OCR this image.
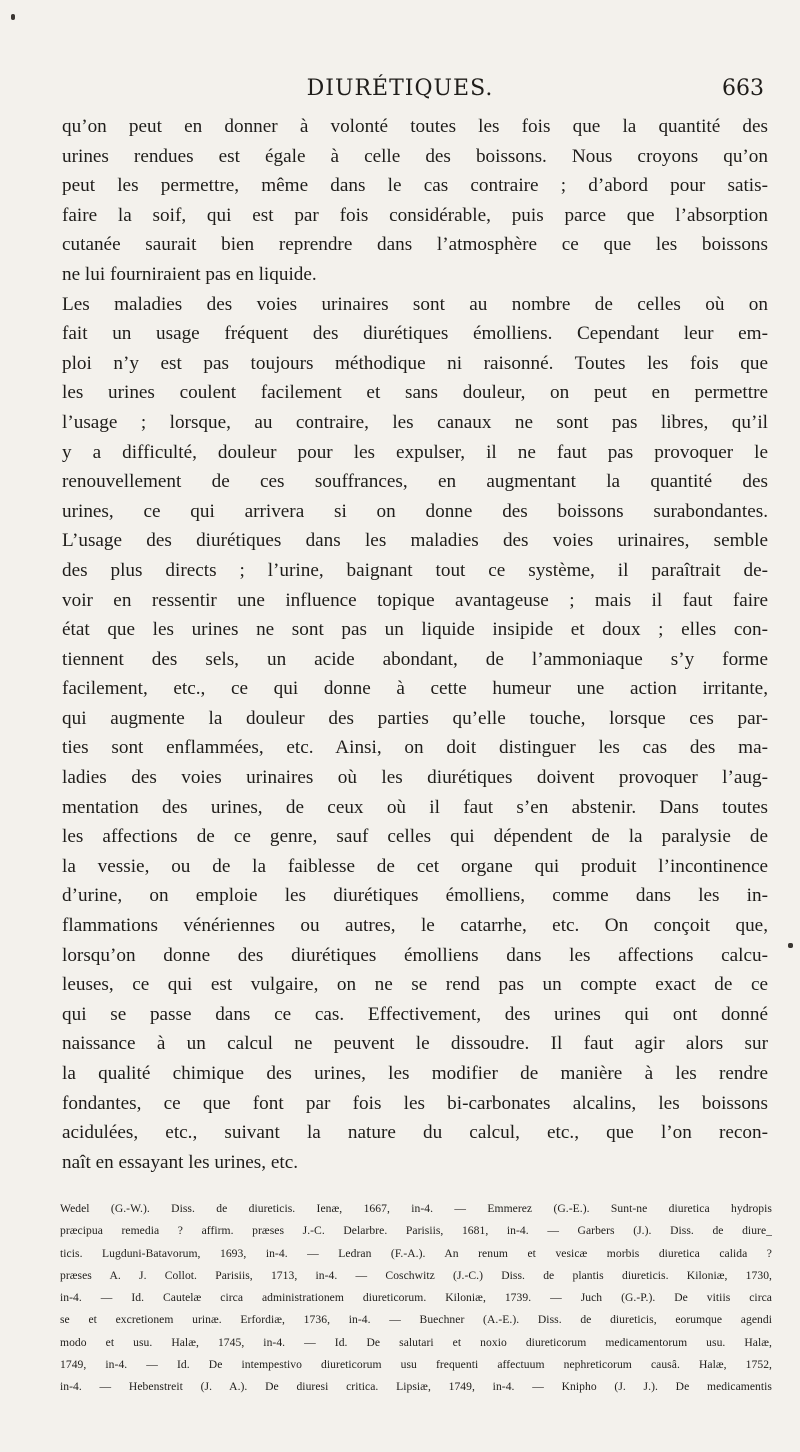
DIURÉTIQUES.	663

qu’on peut en donner à volonté toutes les fois que la quantité des
urines rendues est égale à celle des boissons. Nous croyons qu’on
peut les permettre, même dans le cas contraire ; d’abord pour satis-
faire la soif, qui est par fois considérable, puis parce que l’absorption
cutanée saurait bien reprendre dans l’atmosphère ce que les boissons
ne lui fourniraient pas en liquide.

Les maladies des voies urinaires sont au nombre de celles où on
fait un usage fréquent des diurétiques émolliens. Cependant leur em-
ploi n’y est pas toujours méthodique ni raisonné. Toutes les fois que
les urines coulent facilement et sans douleur, on peut en permettre
l’usage ; lorsque, au contraire, les canaux ne sont pas libres, qu’il
y a difficulté, douleur pour les expulser, il ne faut pas provoquer le
renouvellement de ces souffrances, en augmentant la quantité des
urines, ce qui arrivera si on donne des boissons surabondantes.
L’usage des diurétiques dans les maladies des voies urinaires, semble
des plus directs ; l’urine, baignant tout ce système, il paraîtrait de-
voir en ressentir une influence topique avantageuse ; mais il faut faire
état que les urines ne sont pas un liquide insipide et doux ; elles con-
tiennent des sels, un acide abondant, de l’ammoniaque s’y forme
facilement, etc., ce qui donne à cette humeur une action irritante,
qui augmente la douleur des parties qu’elle touche, lorsque ces par-
ties sont enflammées, etc. Ainsi, on doit distinguer les cas des ma-
ladies des voies urinaires où les diurétiques doivent provoquer l’aug-
mentation des urines, de ceux où il faut s’en abstenir. Dans toutes
les affections de ce genre, sauf celles qui dépendent de la paralysie de
la vessie, ou de la faiblesse de cet organe qui produit l’incontinence
d’urine, on emploie les diurétiques émolliens, comme dans les in-
flammations vénériennes ou autres, le catarrhe, etc. On conçoit que,
lorsqu’on donne des diurétiques émolliens dans les affections calcu-
leuses, ce qui est vulgaire, on ne se rend pas un compte exact de ce
qui se passe dans ce cas. Effectivement, des urines qui ont donné
naissance à un calcul ne peuvent le dissoudre. Il faut agir alors sur
la qualité chimique des urines, les modifier de manière à les rendre
fondantes, ce que font par fois les bi-carbonates alcalins, les boissons
acidulées, etc., suivant la nature du calcul, etc., que l’on recon-
naît en essayant les urines, etc.

Wedel (G.-W.). Diss. de diureticis. Ienæ, 1667, in-4. — Emmerez (G.-E.). Sunt-ne diuretica hydropis
præcipua remedia ? affirm. præses J.-C. Delarbre. Parisiis, 1681, in-4. — Garbers (J.). Diss. de diure_
ticis. Lugduni-Batavorum, 1693, in-4. — Ledran (F.-A.). An renum et vesicæ morbis diuretica calida ?
præses A. J. Collot. Parisiis, 1713, in-4. — Coschwitz (J.-C.) Diss. de plantis diureticis. Kiloniæ, 1730,
in-4. — Id. Cautelæ circa administrationem diureticorum. Kiloniæ, 1739. — Juch (G.-P.). De vitiis circa
se et excretionem urinæ. Erfordiæ, 1736, in-4. — Buechner (A.-E.). Diss. de diureticis, eorumque agendi
modo et usu. Halæ, 1745, in-4. — Id. De salutari et noxio diureticorum medicamentorum usu. Halæ,
1749, in-4. — Id. De intempestivo diureticorum usu frequenti affectuum nephreticorum causâ. Halæ, 1752,
in-4. — Hebenstreit (J. A.). De diuresi critica. Lipsiæ, 1749, in-4. — Knipho (J. J.). De medicamentis
